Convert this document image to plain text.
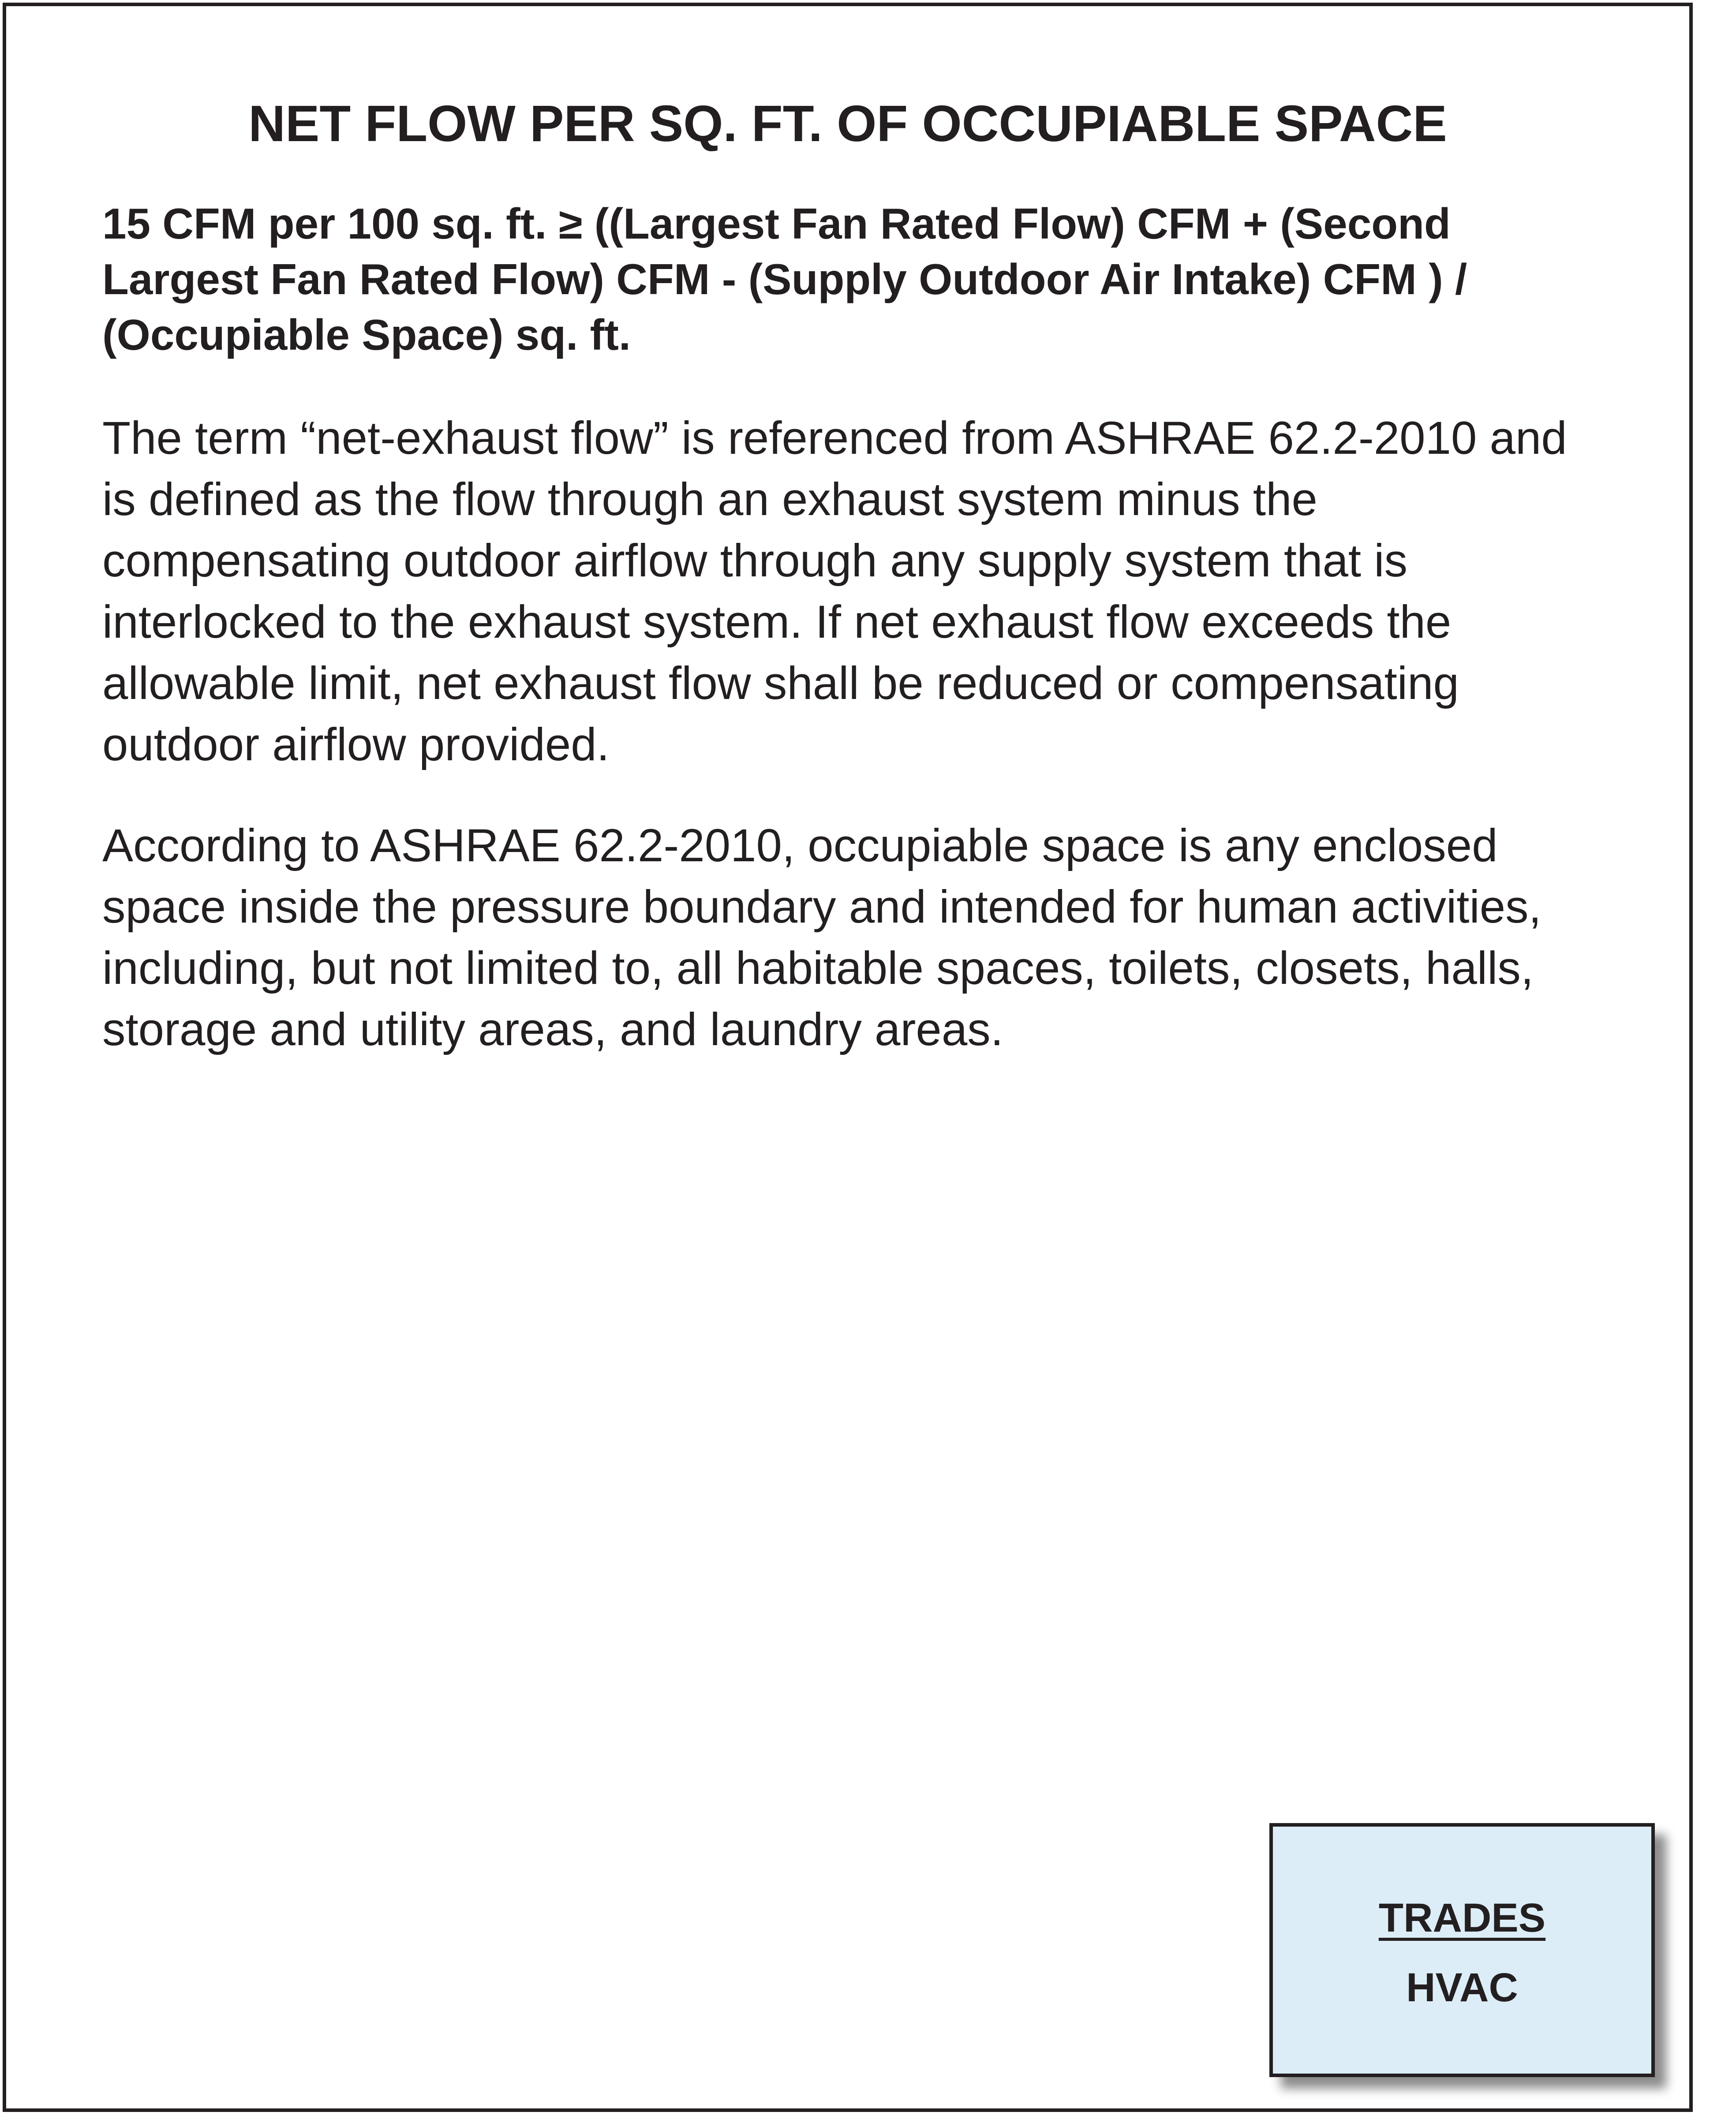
NET FLOW PER SQ. FT. OF OCCUPIABLE SPACE

15 CFM per 100 sq. ft. ≥ ((Largest Fan Rated Flow) CFM + (Second Largest Fan Rated Flow) CFM - (Supply Outdoor Air Intake) CFM ) / (Occupiable Space) sq. ft.

The term “net-exhaust flow” is referenced from ASHRAE 62.2-2010 and is defined as the flow through an exhaust system minus the compensating outdoor airflow through any supply system that is interlocked to the exhaust system. If net exhaust flow exceeds the allowable limit, net exhaust flow shall be reduced or compensating outdoor airflow provided.

According to ASHRAE 62.2-2010, occupiable space is any enclosed space inside the pressure boundary and intended for human activities, including, but not limited to, all habitable spaces, toilets, closets, halls, storage and utility areas, and laundry areas.

TRADES
HVAC
